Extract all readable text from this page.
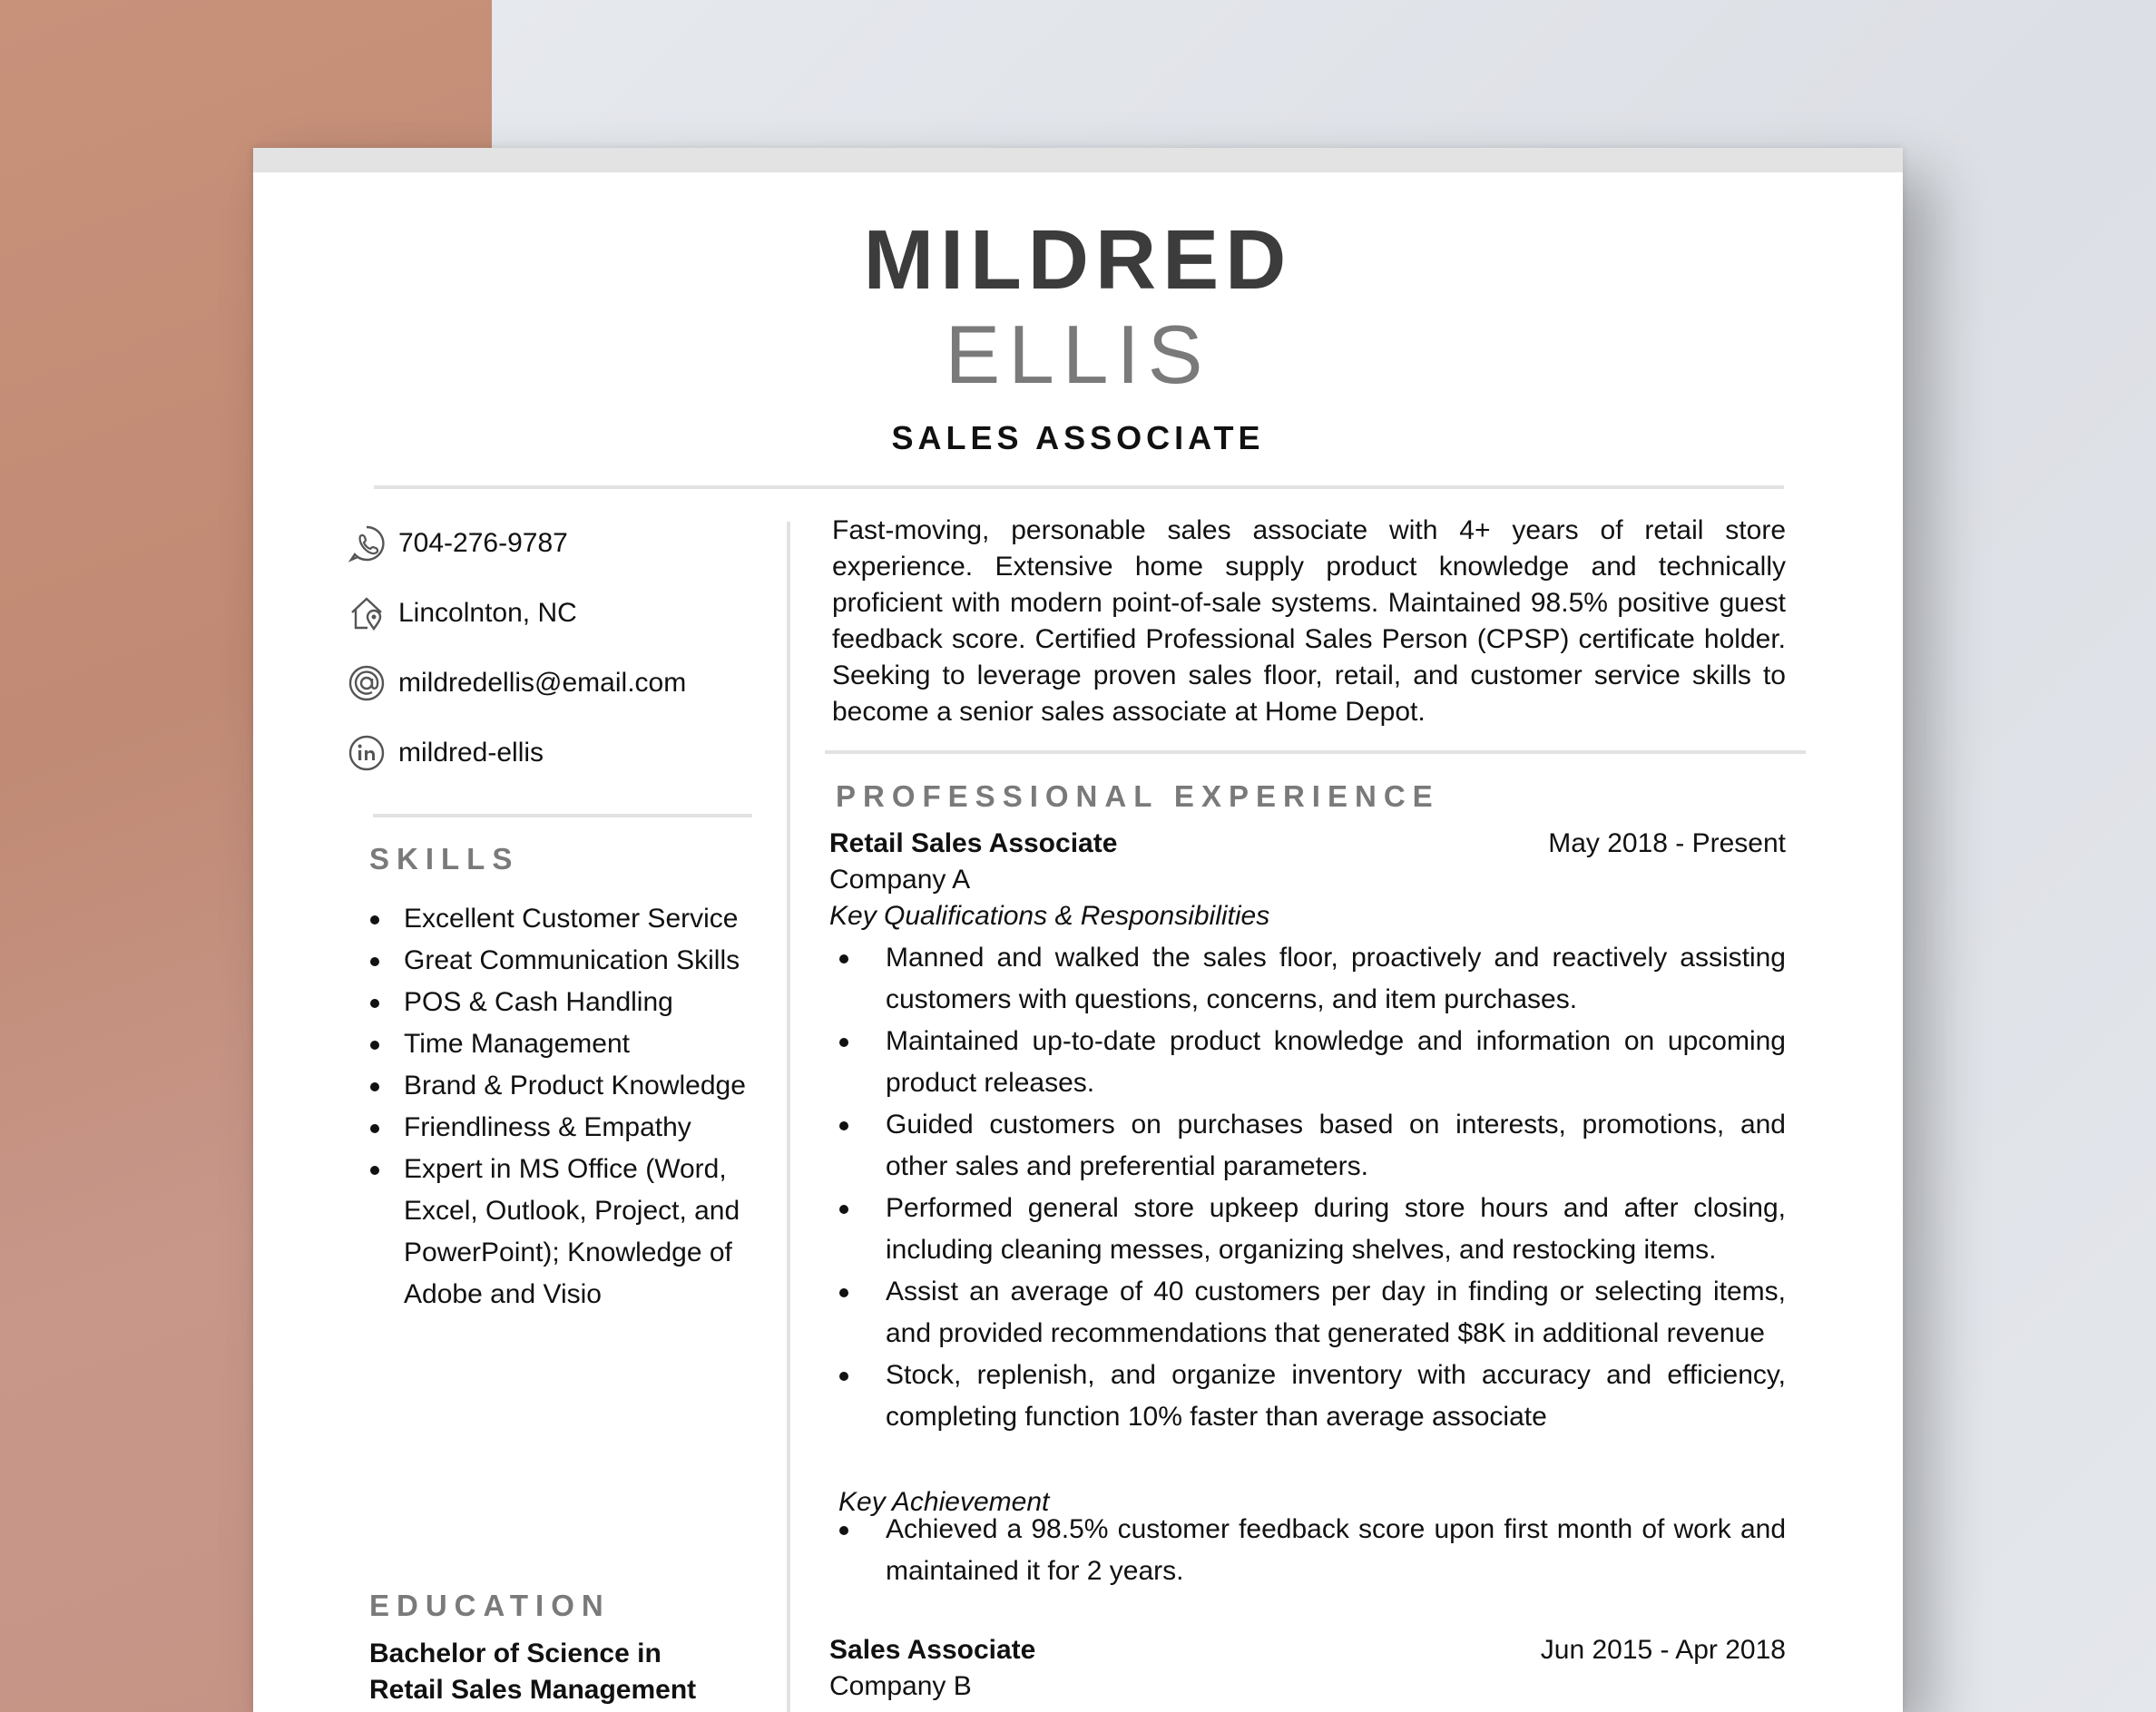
MILDRED
ELLIS
SALES ASSOCIATE
704-276-9787
Lincolnton, NC
mildredellis@email.com
mildred-ellis
SKILLS
Excellent Customer Service
Great Communication Skills
POS & Cash Handling
Time Management
Brand & Product Knowledge
Friendliness & Empathy
Expert in MS Office (Word, Excel, Outlook, Project, and PowerPoint); Knowledge of Adobe and Visio
EDUCATION
Bachelor of Science in Retail Sales Management

Fast-moving, personable sales associate with 4+ years of retail store experience. Extensive home supply product knowledge and technically proficient with modern point-of-sale systems. Maintained 98.5% positive guest feedback score. Certified Professional Sales Person (CPSP) certificate holder. Seeking to leverage proven sales floor, retail, and customer service skills to become a senior sales associate at Home Depot.

PROFESSIONAL EXPERIENCE
Retail Sales Associate	May 2018 - Present
Company A
Key Qualifications & Responsibilities
Manned and walked the sales floor, proactively and reactively assisting customers with questions, concerns, and item purchases.
Maintained up-to-date product knowledge and information on upcoming product releases.
Guided customers on purchases based on interests, promotions, and other sales and preferential parameters.
Performed general store upkeep during store hours and after closing, including cleaning messes, organizing shelves, and restocking items.
Assist an average of 40 customers per day in finding or selecting items, and provided recommendations that generated $8K in additional revenue
Stock, replenish, and organize inventory with accuracy and efficiency, completing function 10% faster than average associate
Key Achievement
Achieved a 98.5% customer feedback score upon first month of work and maintained it for 2 years.
Sales Associate	Jun 2015 - Apr 2018
Company B
